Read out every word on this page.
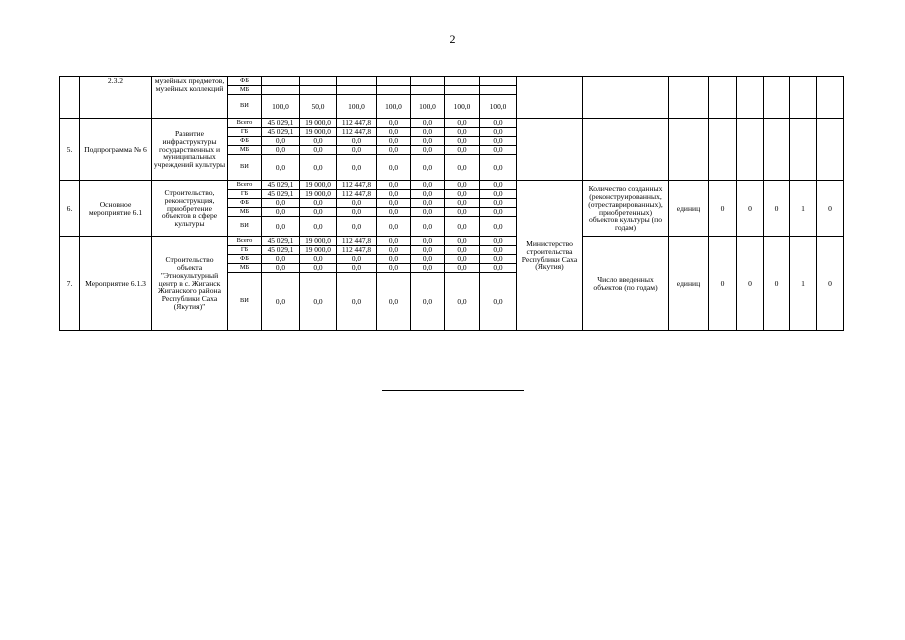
2
	2.3.2	музейных предметов, музейных коллекций	ФБ															
			МБ															
			ВИ	100,0	50,0	100,0	100,0	100,0	100,0	100,0								
5.	Подпрограмма № 6	Развитие инфраструктуры государственных и муниципальных учреждений культуры	Всего	45 029,1	19 000,0	112 447,8	0,0	0,0	0,0	0,0								
			ГБ	45 029,1	19 000,0	112 447,8	0,0	0,0	0,0	0,0								
			ФБ	0,0	0,0	0,0	0,0	0,0	0,0	0,0								
			МБ	0,0	0,0	0,0	0,0	0,0	0,0	0,0								
			ВИ	0,0	0,0	0,0	0,0	0,0	0,0	0,0								
6.	Основное мероприятие 6.1	Строительство, реконструкция, приобретение объектов в сфере культуры	Всего	45 029,1	19 000,0	112 447,8	0,0	0,0	0,0	0,0	Министерство строительства Республики Саха (Якутия)	Количество созданных (реконструированных, (отреставрированных), приобретенных) объектов культуры (по годам)	единиц	0	0	0	1	0
			ГБ	45 029,1	19 000,0	112 447,8	0,0	0,0	0,0	0,0								
			ФБ	0,0	0,0	0,0	0,0	0,0	0,0	0,0								
			МБ	0,0	0,0	0,0	0,0	0,0	0,0	0,0								
			ВИ	0,0	0,0	0,0	0,0	0,0	0,0	0,0								
7.	Мероприятие 6.1.3	Строительство объекта "Этнокультурный центр в с. Жиганск Жиганского района Республики Саха (Якутия)"	Всего	45 029,1	19 000,0	112 447,8	0,0	0,0	0,0	0,0		Число введенных объектов (по годам)	единиц	0	0	0	1	0
			ГБ	45 029,1	19 000,0	112 447,8	0,0	0,0	0,0	0,0								
			ФБ	0,0	0,0	0,0	0,0	0,0	0,0	0,0								
			МБ	0,0	0,0	0,0	0,0	0,0	0,0	0,0								
			ВИ	0,0	0,0	0,0	0,0	0,0	0,0	0,0								
